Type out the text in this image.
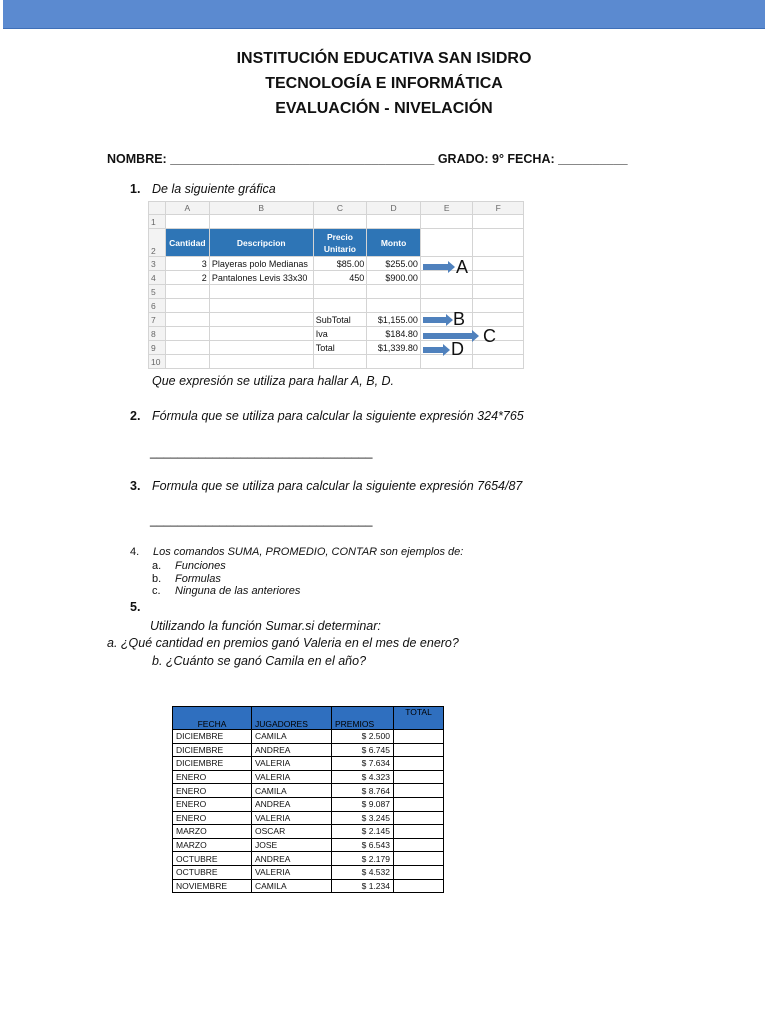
INSTITUCIÓN EDUCATIVA SAN ISIDRO
TECNOLOGÍA E INFORMÁTICA
EVALUACIÓN - NIVELACIÓN
NOMBRE: ______________________________________ GRADO: 9° FECHA: __________
1. De la siguiente gráfica
	A	B	C	D	E	F
1						
2	Cantidad	Descripcion	Precio Unitario	Monto		
3	3	Playeras polo Medianas	$85.00	$255.00		
4	2	Pantalones Levis 33x30	450	$900.00		
5						
6						
7			SubTotal	$1,155.00		
8			Iva	$184.80		
9			Total	$1,339.80		
10						
A
B
C
D
Que expresión se utiliza para hallar A, B, D.
2. Fórmula que se utiliza para calcular la siguiente expresión 324*765
________________________________
3. Formula que se utiliza para calcular la siguiente expresión 7654/87
________________________________
4. Los comandos SUMA, PROMEDIO, CONTAR son ejemplos de:
a. Funciones
b. Formulas
c. Ninguna de las anteriores
5.
Utilizando la función Sumar.si determinar:
a. ¿Qué cantidad en premios ganó Valeria en el mes de enero?
b. ¿Cuánto se ganó Camila en el año?
FECHA	JUGADORES	PREMIOS	TOTAL
DICIEMBRE	CAMILA	$ 2.500	
DICIEMBRE	ANDREA	$ 6.745	
DICIEMBRE	VALERIA	$ 7.634	
ENERO	VALERIA	$ 4.323	
ENERO	CAMILA	$ 8.764	
ENERO	ANDREA	$ 9.087	
ENERO	VALERIA	$ 3.245	
MARZO	OSCAR	$ 2.145	
MARZO	JOSE	$ 6.543	
OCTUBRE	ANDREA	$ 2.179	
OCTUBRE	VALERIA	$ 4.532	
NOVIEMBRE	CAMILA	$ 1.234	
